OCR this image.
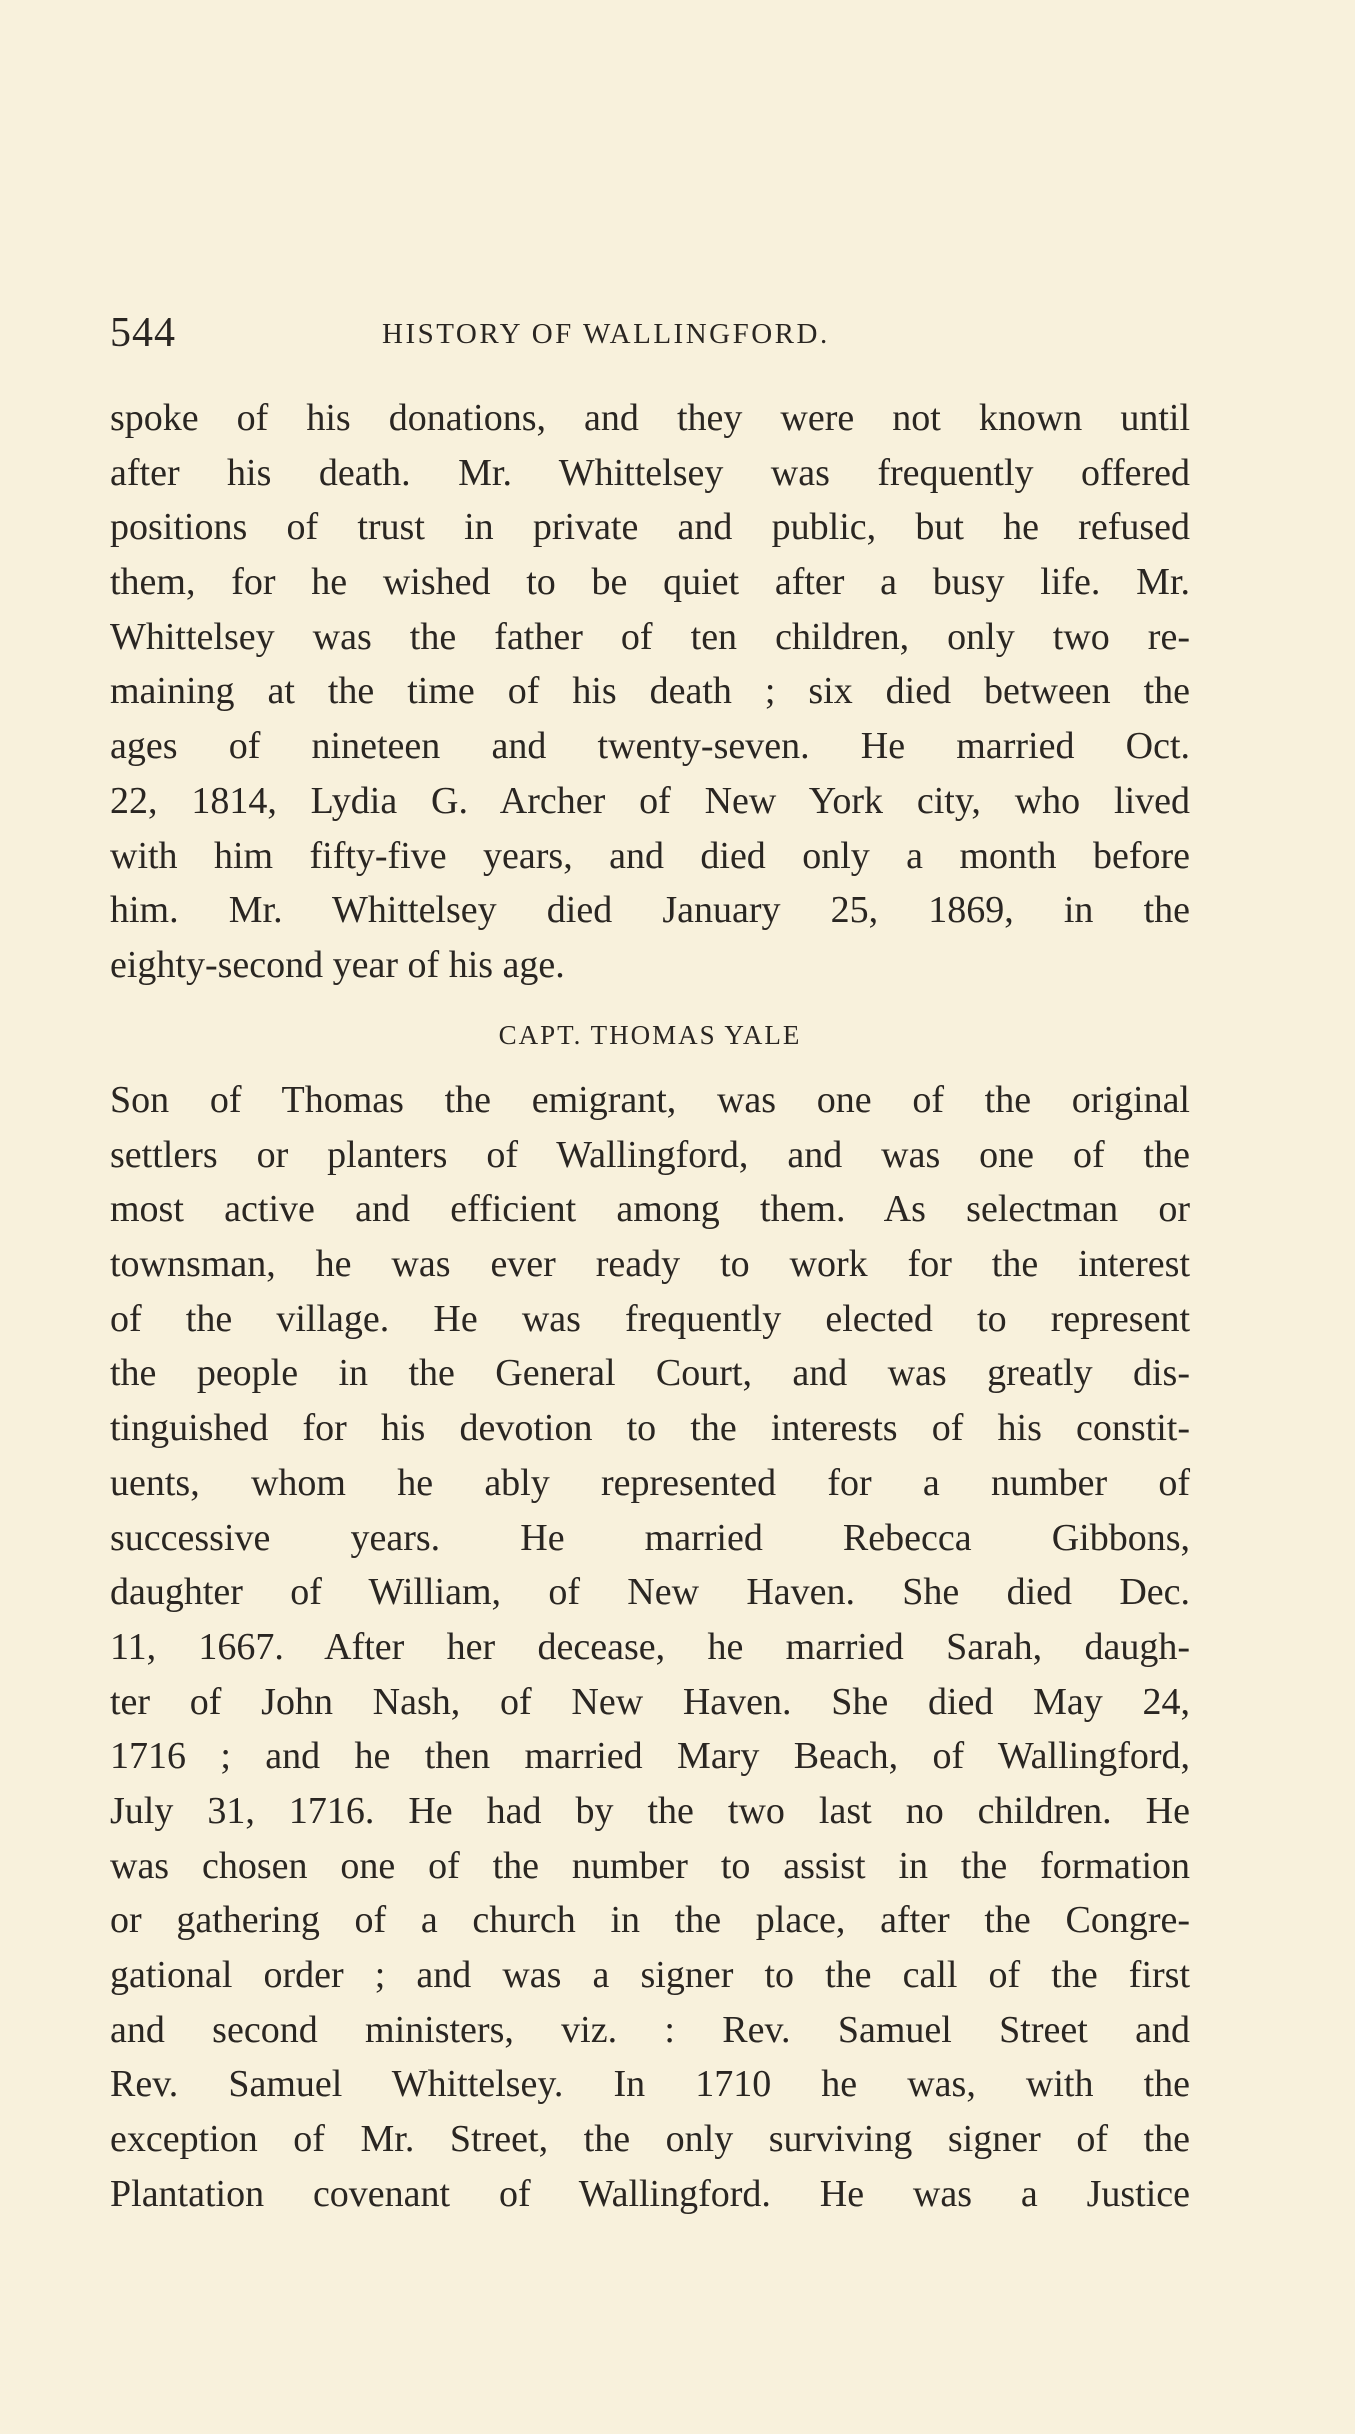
544	HISTORY OF WALLINGFORD.
spoke of his donations, and they were not known until
after his death. Mr. Whittelsey was frequently offered
positions of trust in private and public, but he refused
them, for he wished to be quiet after a busy life. Mr.
Whittelsey was the father of ten children, only two re-
maining at the time of his death ; six died between the
ages of nineteen and twenty-seven. He married Oct.
22, 1814, Lydia G. Archer of New York city, who lived
with him fifty-five years, and died only a month before
him. Mr. Whittelsey died January 25, 1869, in the
eighty-second year of his age.
CAPT. THOMAS YALE
Son of Thomas the emigrant, was one of the original
settlers or planters of Wallingford, and was one of the
most active and efficient among them. As selectman or
townsman, he was ever ready to work for the interest
of the village. He was frequently elected to represent
the people in the General Court, and was greatly dis-
tinguished for his devotion to the interests of his constit-
uents, whom he ably represented for a number of
successive years. He married Rebecca Gibbons,
daughter of William, of New Haven. She died Dec.
11, 1667. After her decease, he married Sarah, daugh-
ter of John Nash, of New Haven. She died May 24,
1716 ; and he then married Mary Beach, of Wallingford,
July 31, 1716. He had by the two last no children. He
was chosen one of the number to assist in the formation
or gathering of a church in the place, after the Congre-
gational order ; and was a signer to the call of the first
and second ministers, viz. : Rev. Samuel Street and
Rev. Samuel Whittelsey. In 1710 he was, with the
exception of Mr. Street, the only surviving signer of the
Plantation covenant of Wallingford. He was a Justice
